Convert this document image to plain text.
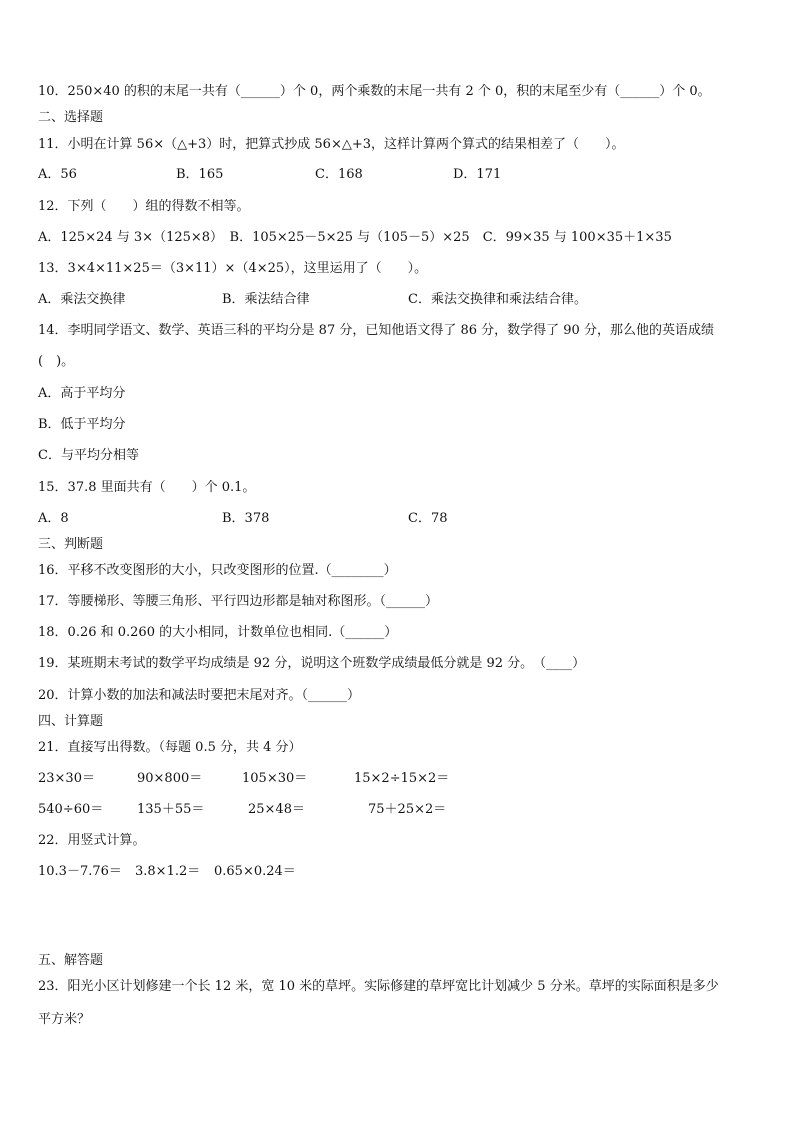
10．250×40 的积的末尾一共有（______）个 0，两个乘数的末尾一共有 2 个 0，积的末尾至少有（______）个 0。
二、选择题
11．小明在计算 56×（△+3）时，把算式抄成 56×△+3，这样计算两个算式的结果相差了（　　）。
A．56	B．165	C．168	D．171
12．下列（　　）组的得数不相等。
A．125×24 与 3×（125×8）　B．105×25－5×25 与（105－5）×25　C．99×35 与 100×35＋1×35
13．3×4×11×25＝（3×11）×（4×25），这里运用了（　　）。
A．乘法交换律	B．乘法结合律	C．乘法交换律和乘法结合律。
14．李明同学语文、数学、英语三科的平均分是 87 分，已知他语文得了 86 分，数学得了 90 分，那么他的英语成绩
(　)。
A．高于平均分
B．低于平均分
C．与平均分相等
15．37.8 里面共有（　　）个 0.1。
A．8	B．378	C．78
三、判断题
16．平移不改变图形的大小，只改变图形的位置.（________）
17．等腰梯形、等腰三角形、平行四边形都是轴对称图形。（______）
18．0.26 和 0.260 的大小相同，计数单位也相同.（______）
19．某班期末考试的数学平均成绩是 92 分，说明这个班数学成绩最低分就是 92 分。　（____）
20．计算小数的加法和减法时要把末尾对齐。（______）
四、计算题
21．直接写出得数。（每题 0.5 分，共 4 分）
23×30＝	90×800＝	105×30＝	15×2÷15×2＝
540÷60＝	135＋55＝	25×48＝	75＋25×2＝
22．用竖式计算。
10.3－7.76＝ 3.8×1.2＝ 0.65×0.24＝
五、解答题
23．阳光小区计划修建一个长 12 米，宽 10 米的草坪。实际修建的草坪宽比计划减少 5 分米。草坪的实际面积是多少
平方米？
